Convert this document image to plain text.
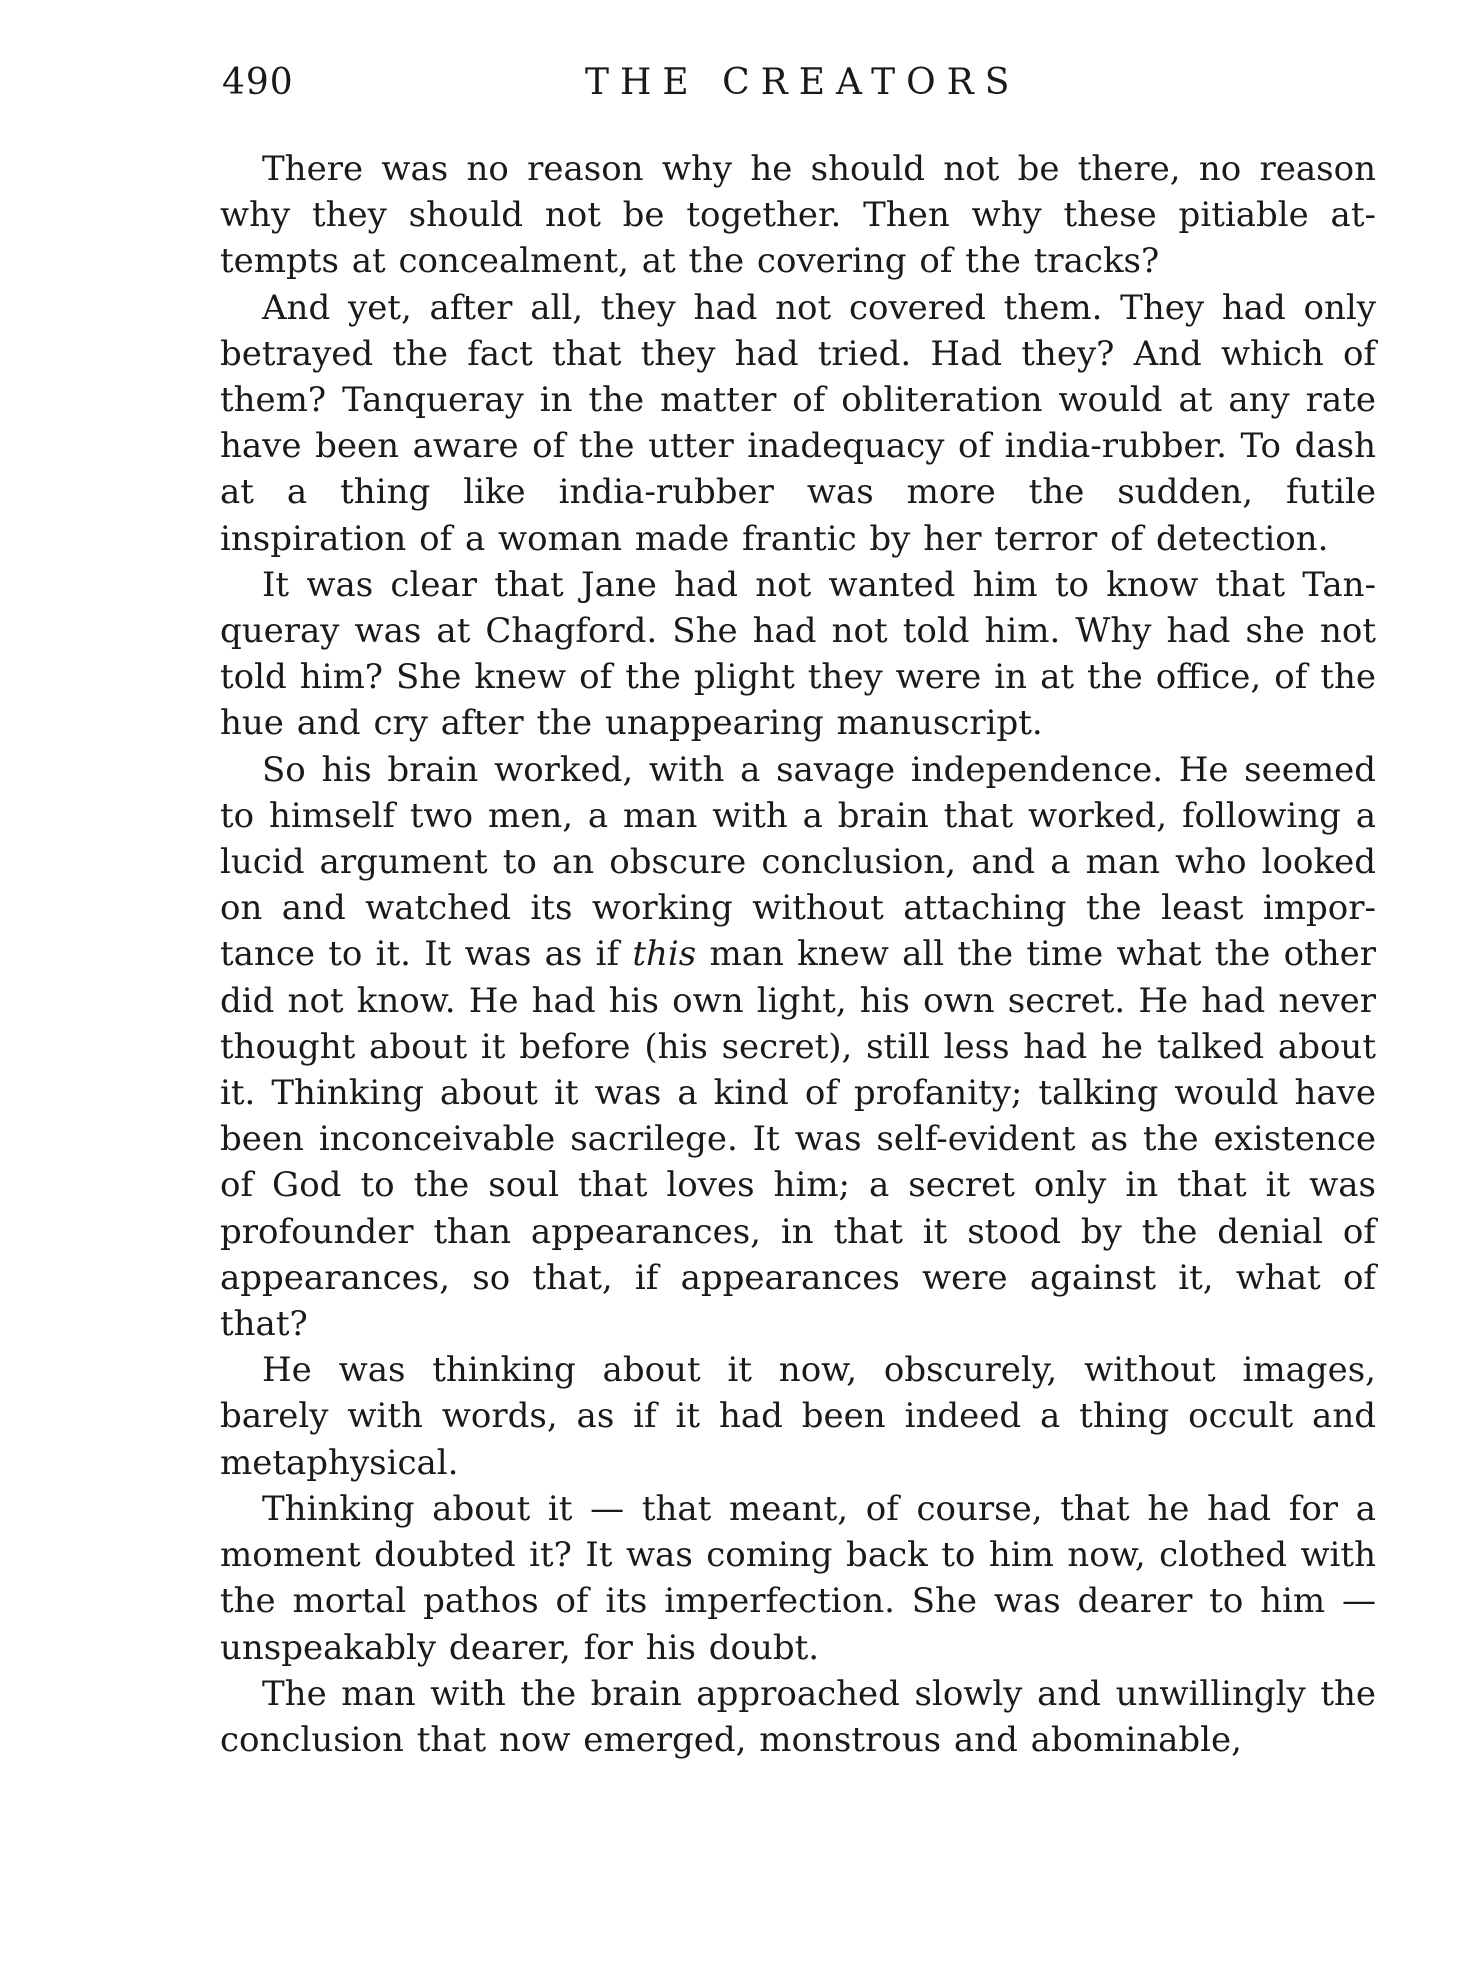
490	THE CREATORS

There was no reason why he should not be there, no reason why they should not be together. Then why these pitiable attempts at concealment, at the covering of the tracks?

And yet, after all, they had not covered them. They had only betrayed the fact that they had tried. Had they? And which of them? Tanqueray in the matter of obliteration would at any rate have been aware of the utter inadequacy of india-rubber. To dash at a thing like india-rubber was more the sudden, futile inspiration of a woman made frantic by her terror of detection.

It was clear that Jane had not wanted him to know that Tanqueray was at Chagford. She had not told him. Why had she not told him? She knew of the plight they were in at the office, of the hue and cry after the unappearing manuscript.

So his brain worked, with a savage independence. He seemed to himself two men, a man with a brain that worked, following a lucid argument to an obscure conclusion, and a man who looked on and watched its working without attaching the least importance to it. It was as if this man knew all the time what the other did not know. He had his own light, his own secret. He had never thought about it before (his secret), still less had he talked about it. Thinking about it was a kind of profanity; talking would have been inconceivable sacrilege. It was self-evident as the existence of God to the soul that loves him; a secret only in that it was profounder than appearances, in that it stood by the denial of appearances, so that, if appearances were against it, what of that?

He was thinking about it now, obscurely, without images, barely with words, as if it had been indeed a thing occult and metaphysical.

Thinking about it — that meant, of course, that he had for a moment doubted it? It was coming back to him now, clothed with the mortal pathos of its imperfection. She was dearer to him — unspeakably dearer, for his doubt.

The man with the brain approached slowly and unwillingly the conclusion that now emerged, monstrous and abominable,
